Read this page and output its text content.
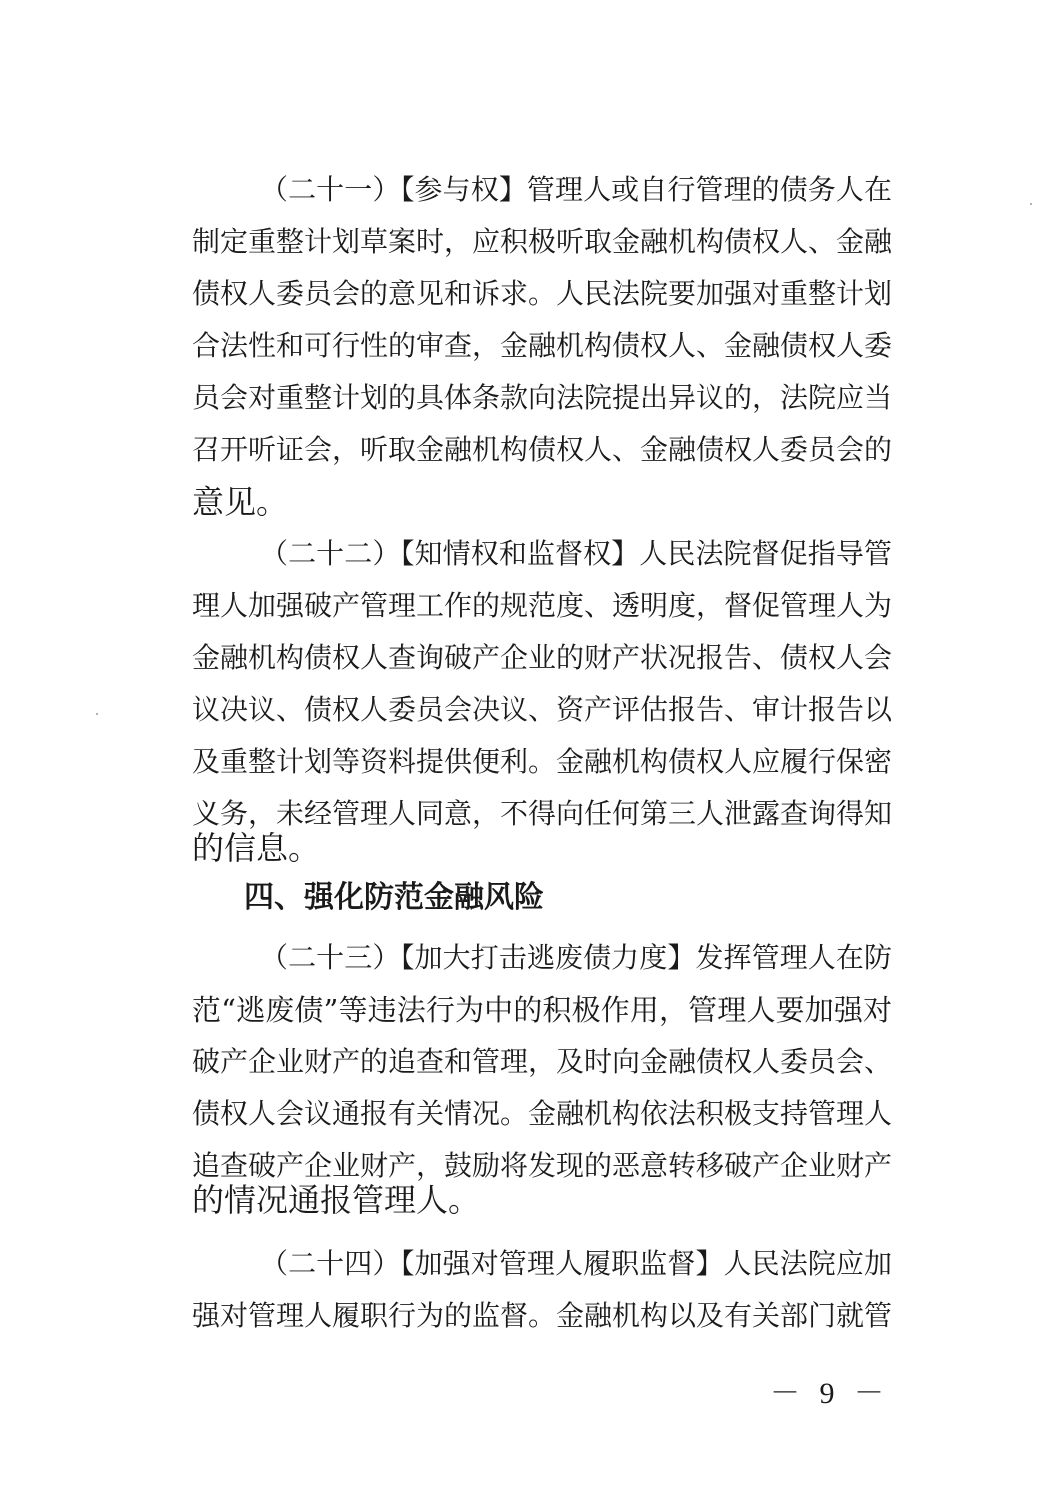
（二十一）【参与权】管理人或自行管理的债务人在
制定重整计划草案时，应积极听取金融机构债权人、金融
债权人委员会的意见和诉求。人民法院要加强对重整计划
合法性和可行性的审查，金融机构债权人、金融债权人委
员会对重整计划的具体条款向法院提出异议的，法院应当
召开听证会，听取金融机构债权人、金融债权人委员会的
意见。
（二十二）【知情权和监督权】人民法院督促指导管
理人加强破产管理工作的规范度、透明度，督促管理人为
金融机构债权人查询破产企业的财产状况报告、债权人会
议决议、债权人委员会决议、资产评估报告、审计报告以
及重整计划等资料提供便利。金融机构债权人应履行保密
义务，未经管理人同意，不得向任何第三人泄露查询得知
的信息。
四、强化防范金融风险
（二十三）【加大打击逃废债力度】发挥管理人在防
范“逃废债”等违法行为中的积极作用，管理人要加强对
破产企业财产的追查和管理，及时向金融债权人委员会、
债权人会议通报有关情况。金融机构依法积极支持管理人
追查破产企业财产，鼓励将发现的恶意转移破产企业财产
的情况通报管理人。
（二十四）【加强对管理人履职监督】人民法院应加
强对管理人履职行为的监督。金融机构以及有关部门就管
－ 9 －
